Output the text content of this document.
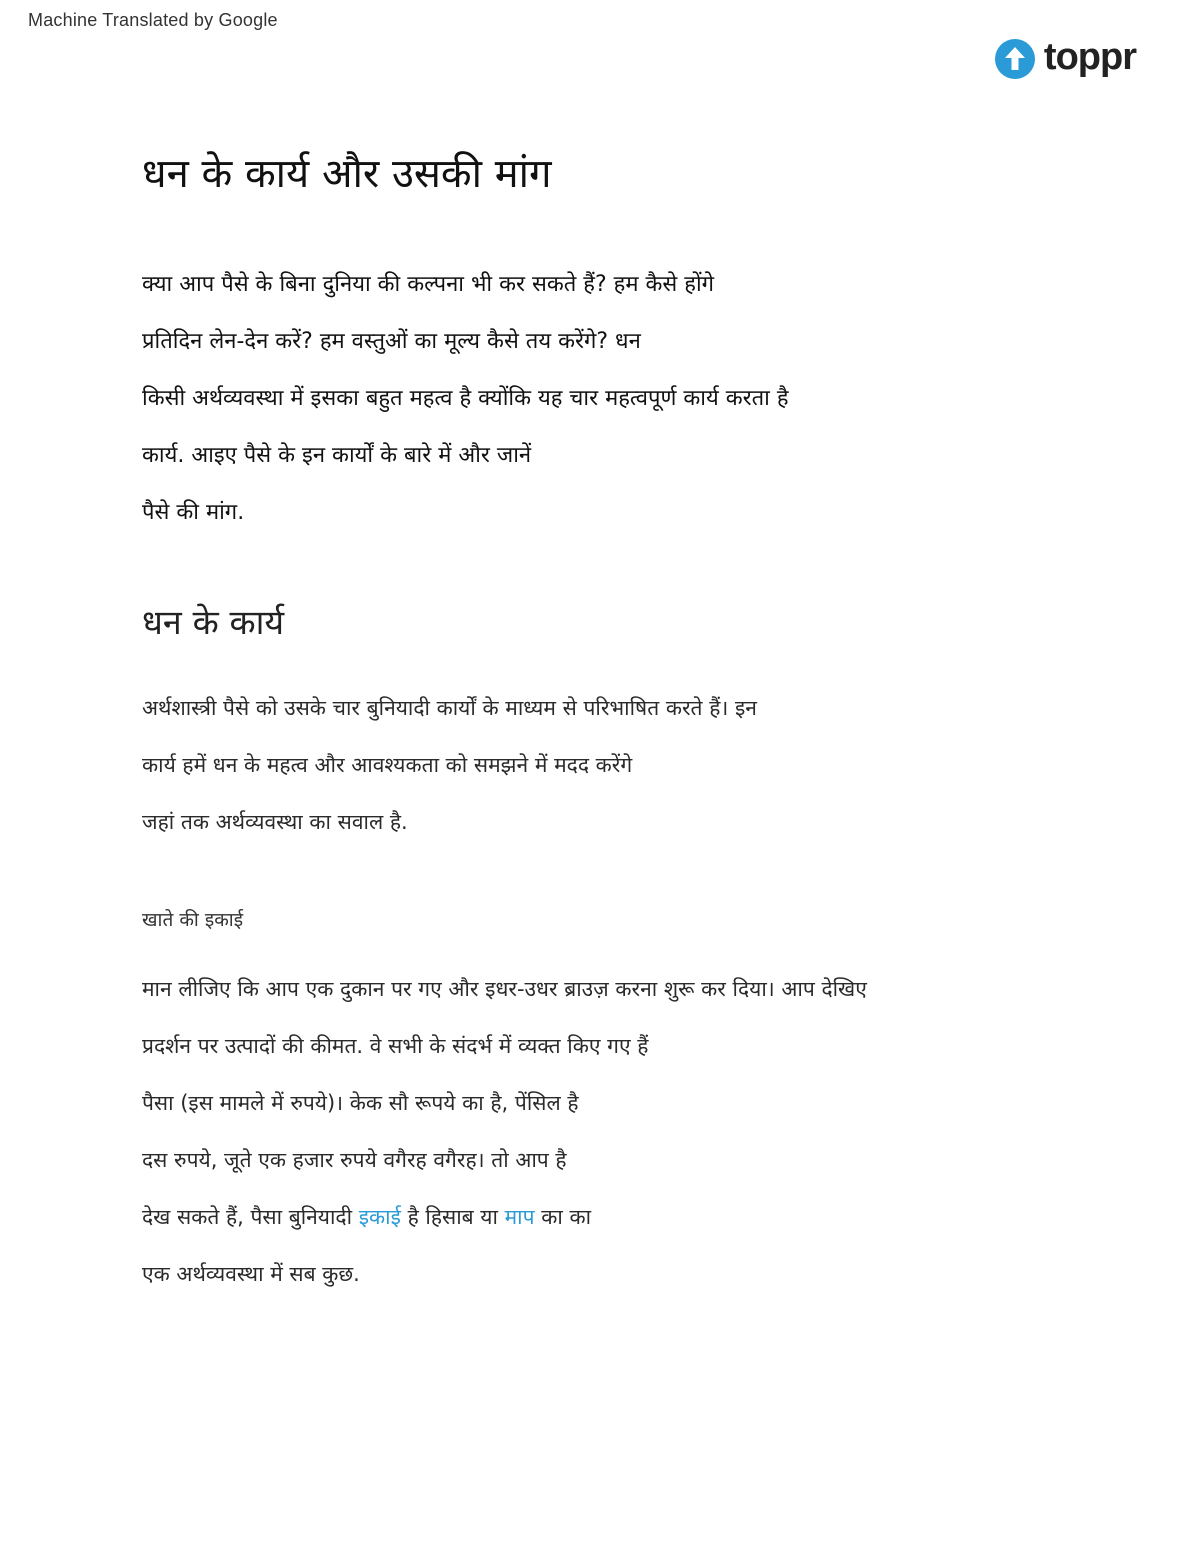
Machine Translated by Google
toppr
धन के कार्य और उसकी मांग
क्या आप पैसे के बिना दुनिया की कल्पना भी कर सकते हैं? हम कैसे होंगे
प्रतिदिन लेन-देन करें? हम वस्तुओं का मूल्य कैसे तय करेंगे? धन
किसी अर्थव्यवस्था में इसका बहुत महत्व है क्योंकि यह चार महत्वपूर्ण कार्य करता है
कार्य. आइए पैसे के इन कार्यों के बारे में और जानें
पैसे की मांग.
धन के कार्य
अर्थशास्त्री पैसे को उसके चार बुनियादी कार्यों के माध्यम से परिभाषित करते हैं। इन
कार्य हमें धन के महत्व और आवश्यकता को समझने में मदद करेंगे
जहां तक अर्थव्यवस्था का सवाल है.
खाते की इकाई
मान लीजिए कि आप एक दुकान पर गए और इधर-उधर ब्राउज़ करना शुरू कर दिया। आप देखिए
प्रदर्शन पर उत्पादों की कीमत. वे सभी के संदर्भ में व्यक्त किए गए हैं
पैसा (इस मामले में रुपये)। केक सौ रूपये का है, पेंसिल है
दस रुपये, जूते एक हजार रुपये वगैरह वगैरह। तो आप है
देख सकते हैं, पैसा बुनियादी इकाई है हिसाब या माप का का
एक अर्थव्यवस्था में सब कुछ.
